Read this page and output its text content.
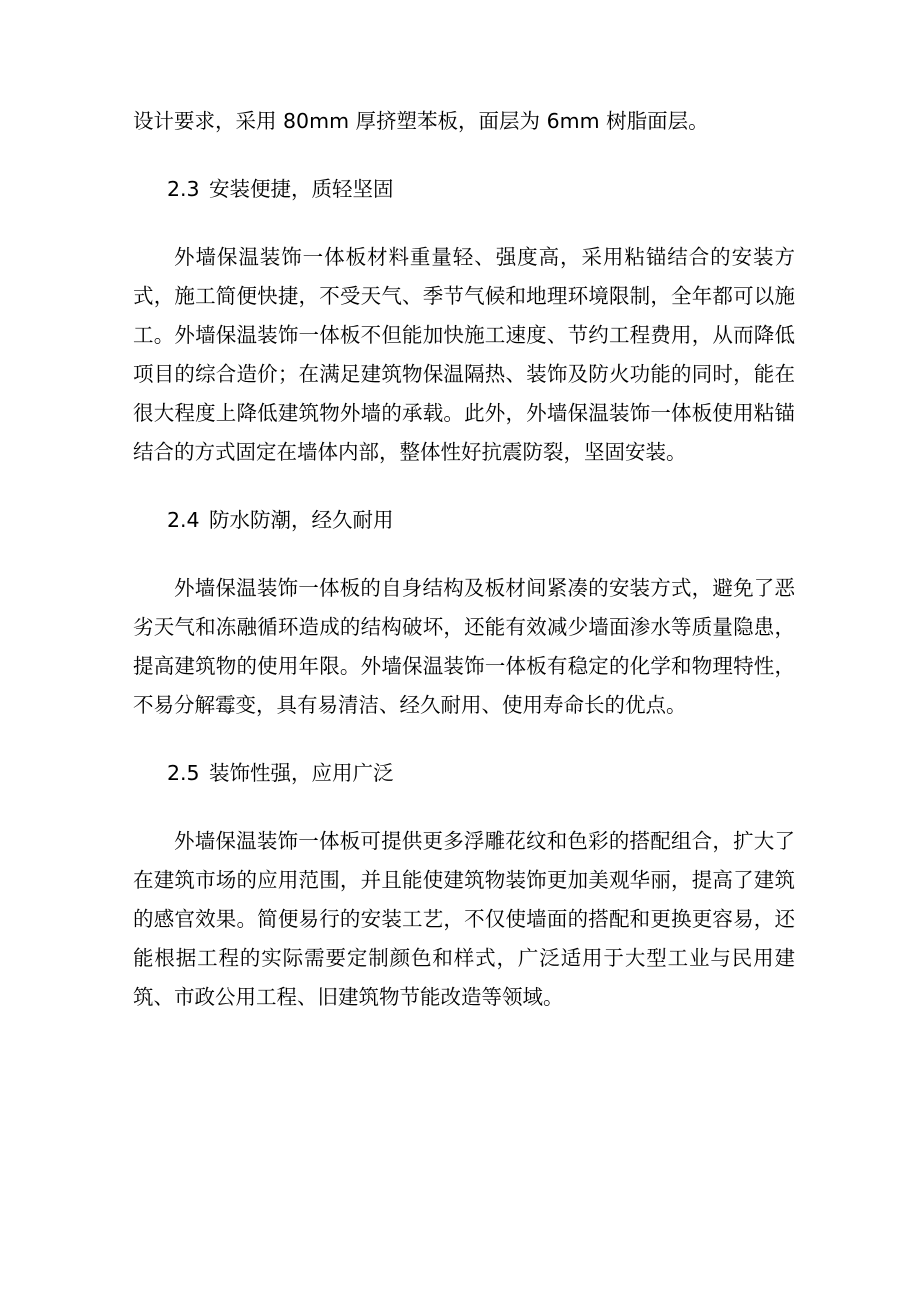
设计要求，采用 80mm 厚挤塑苯板，面层为 6mm 树脂面层。

2.3 安装便捷，质轻坚固

外墙保温装饰一体板材料重量轻、强度高，采用粘锚结合的安装方式，施工简便快捷，不受天气、季节气候和地理环境限制，全年都可以施工。外墙保温装饰一体板不但能加快施工速度、节约工程费用，从而降低项目的综合造价；在满足建筑物保温隔热、装饰及防火功能的同时，能在很大程度上降低建筑物外墙的承载。此外，外墙保温装饰一体板使用粘锚结合的方式固定在墙体内部，整体性好抗震防裂，坚固安装。

2.4 防水防潮，经久耐用

外墙保温装饰一体板的自身结构及板材间紧凑的安装方式，避免了恶劣天气和冻融循环造成的结构破坏，还能有效减少墙面渗水等质量隐患，提高建筑物的使用年限。外墙保温装饰一体板有稳定的化学和物理特性，不易分解霉变，具有易清洁、经久耐用、使用寿命长的优点。

2.5 装饰性强，应用广泛

外墙保温装饰一体板可提供更多浮雕花纹和色彩的搭配组合，扩大了在建筑市场的应用范围，并且能使建筑物装饰更加美观华丽，提高了建筑的感官效果。简便易行的安装工艺，不仅使墙面的搭配和更换更容易，还能根据工程的实际需要定制颜色和样式，广泛适用于大型工业与民用建筑、市政公用工程、旧建筑物节能改造等领域。
